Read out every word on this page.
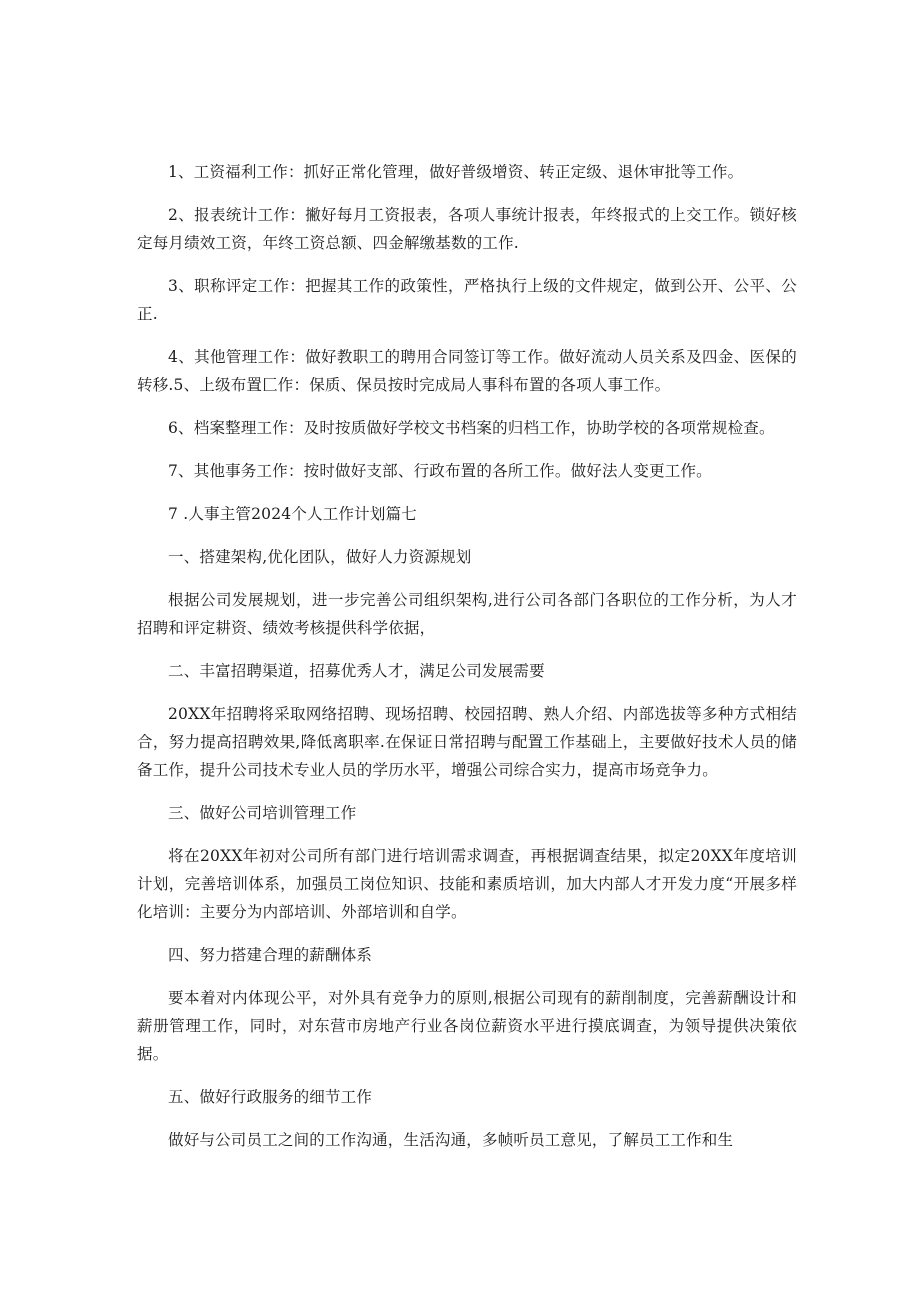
1、工资福利工作：抓好正常化管理，做好普级增资、转正定级、退休审批等工作。

2、报表统计工作：撇好每月工资报表，各项人事统计报表，年终报式的上交工作。锁好核定每月绩效工资，年终工资总额、四金解缴基数的工作.

3、职称评定工作：把握其工作的政策性，严格执行上级的文件规定，做到公开、公平、公正.

4、其他管理工作：做好教职工的聘用合同签订等工作。做好流动人员关系及四金、医保的转移.5、上级布置匚作：保质、保员按时完成局人事科布置的各项人事工作。

6、档案整理工作：及时按质做好学校文书档案的归档工作，协助学校的各项常规检查。

7、其他事务工作：按时做好支部、行政布置的各所工作。做好法人变更工作。

7 .人事主管2024个人工作计划篇七

一、搭建架构,优化团队，做好人力资源规划

根据公司发展规划，进一步完善公司组织架构,进行公司各部门各职位的工作分析，为人才招聘和评定耕资、绩效考核提供科学依据，

二、丰富招聘渠道，招募优秀人才，满足公司发展需要

20XX年招聘将采取网络招聘、现场招聘、校园招聘、熟人介绍、内部选拔等多种方式相结合，努力提高招聘效果,降低离职率.在保证日常招聘与配置工作基础上，主要做好技术人员的储备工作，提升公司技术专业人员的学历水平，增强公司综合实力，提高市场竞争力。

三、做好公司培训管理工作

将在20XX年初对公司所有部门进行培训需求调查，再根据调查结果，拟定20XX年度培训计划，完善培训体系，加强员工岗位知识、技能和素质培训，加大内部人才开发力度“开展多样化培训：主要分为内部培训、外部培训和自学。

四、努力搭建合理的薪酬体系

要本着对内体现公平，对外具有竞争力的原则,根据公司现有的薪削制度，完善薪酬设计和薪册管理工作，同时，对东营市房地产行业各岗位薪资水平进行摸底调查，为领导提供决策依据。

五、做好行政服务的细节工作

做好与公司员工之间的工作沟通，生活沟通，多帧听员工意见，了解员工工作和生
